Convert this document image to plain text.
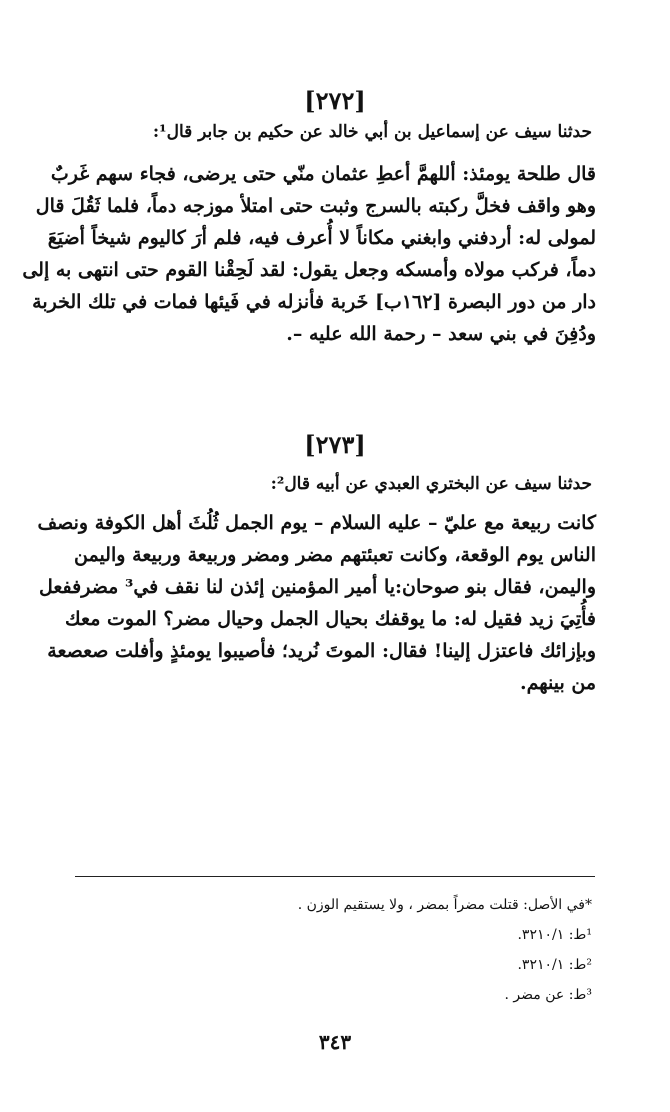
[٢٧٢]
حدثنا سيف عن إسماعيل بن أبي خالد عن حكيم بن جابر قال¹:
قال طلحة يومئذ: ألله‍مَّ أعطِ عثمان منّي حتى يرضى، فجاء سهم غَربٌ
وهو واقف فخلَّ ركبته بالسرج وثبت حتى امتلأ موزجه دماً، فلما ثَقُلَ قال
لمولى له: أردفني وابغني مكاناً لا أُعرف فيه، فلم أرَ كاليوم شيخاً أضيَعَ
دماً، فركب مولاه وأمسكه وجعل يقول: لقد لَحِقْنا القوم حتى انتهى به إلى
دار من دور البصرة [١٦٢ب] خَربة فأنزله في فَيئها فمات في تلك الخربة
ودُفِنَ في بني سعد – رحمة الله عليه –.
[٢٧٣]
حدثنا سيف عن البختري العبدي عن أبيه قال²:
كانت ربيعة مع عليّ – عليه السلام – يوم الجمل ثُلُثَ أهل الكوفة ونصف
الناس يوم الوقعة، وكانت تعبئتهم مضر ومضر وربيعة وربيعة واليمن
واليمن، فقال بنو صوحان:يا أمير المؤمنين إئذن لنا نقف في³ مضرففعل
فأُتِيَ زيد فقيل له: ما يوقفك بحيال الجمل وحيال مضر؟ الموت معك
وبإزائك فاعتزل إلينا! فقال: الموتَ نُريد؛ فأصيبوا يومئذٍ وأفلت صعصعة
من بينهم.
*في الأصل: قتلت مضراً بمضر ، ولا يستقيم الوزن .
¹ط: ٣٢١٠/١.
²ط: ٣٢١٠/١.
³ط: عن مضر .
٣٤٣
